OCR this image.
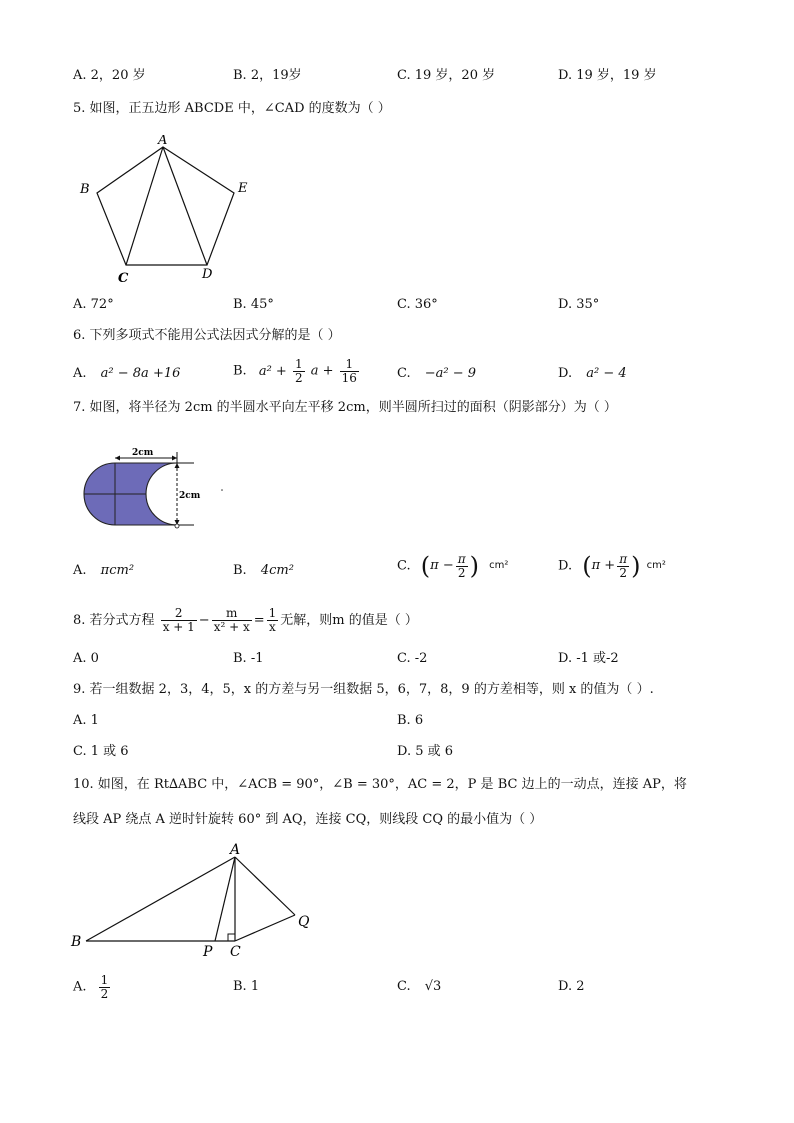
A. 2，20 岁	B. 2，19岁	C. 19 岁，20 岁	D. 19 岁，19 岁
5. 如图，正五边形 ABCDE 中，∠CAD 的度数为（ ）
A
B
C	D
E
A. 72°	B. 45°	C. 36°	D. 35°
6. 下列多项式不能用公式法因式分解的是（ ）
A. a² − 8a +16	B. $a^2 + \frac{1}{2}$ $a + \frac{1}{16}$	C. −a² − 9	D. a² − 4
7. 如图，将半径为 2cm 的半圆水平向左平移 2cm，则半圆所扫过的面积（阴影部分）为（ ）
2cm
2cm
A. πcm²	B. 4cm²	C. ($\pi - \frac{\pi}{2}$ ) cm²	D. ($\pi + \frac{\pi}{2}$ ) cm²
8. 若分式方程 $\frac{2}{x + 1} - \frac{m}{\text{x² + x}} = \frac{1}{x}$ 无解，则m 的值是（ ）
A. 0	B. -1	C. -2	D. -1 或-2
9. 若一组数据 2，3，4，5，x 的方差与另一组数据 5，6，7，8，9 的方差相等，则 x 的值为（ ）.
A. 1	B. 6
C. 1 或 6	D. 5 或 6
10. 如图，在 Rt∆ABC 中，∠ACB = 90°，∠B = 30°，AC = 2，P 是 BC 边上的一动点，连接 AP，将
线段 AP 绕点 A 逆时针旋转 60° 到 AQ，连接 CQ，则线段 CQ 的最小值为（ ）
A
B
P C
Q
A. $\frac{1}{2}$	B. 1	C. √3	D. 2
